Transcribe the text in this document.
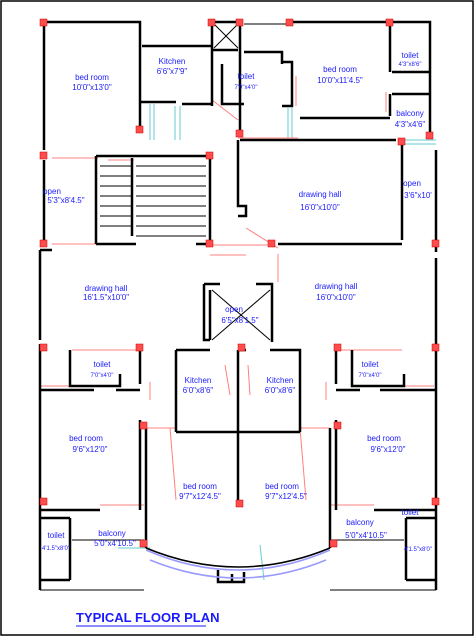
bed room
10'0"x13'0"
Kitchen
6'6"x7'9"
toilet
7'0"x4'0"
bed room
10'0"x11'4.5"
toilet
4'3"x8'6"
balcony
4'3"x4'6"
open
5'3"x8'4.5"
drawing hall
16'0"x10'0"
open
3'6"x10'
drawing hall
16'1.5"x10'0"
open
6'5"x8'1.5"
drawing hall
16'0"x10'0"
toilet
7'0"x4'0"
toilet
7'0"x4'0"
Kitchen
6'0"x8'6"
Kitchen
6'0"x8'6"
bed room
9'6"x12'0"
bed room
9'6"x12'0"
bed room
9'7"x12'4.5"
bed room
9'7"x12'4.5"
toilet
4'1.5"x8'0"
balcony
5'0"x4'10.5"
balcony
5'0"x4'10.5"
toilet
4'1.5"x8'0"
TYPICAL FLOOR PLAN
